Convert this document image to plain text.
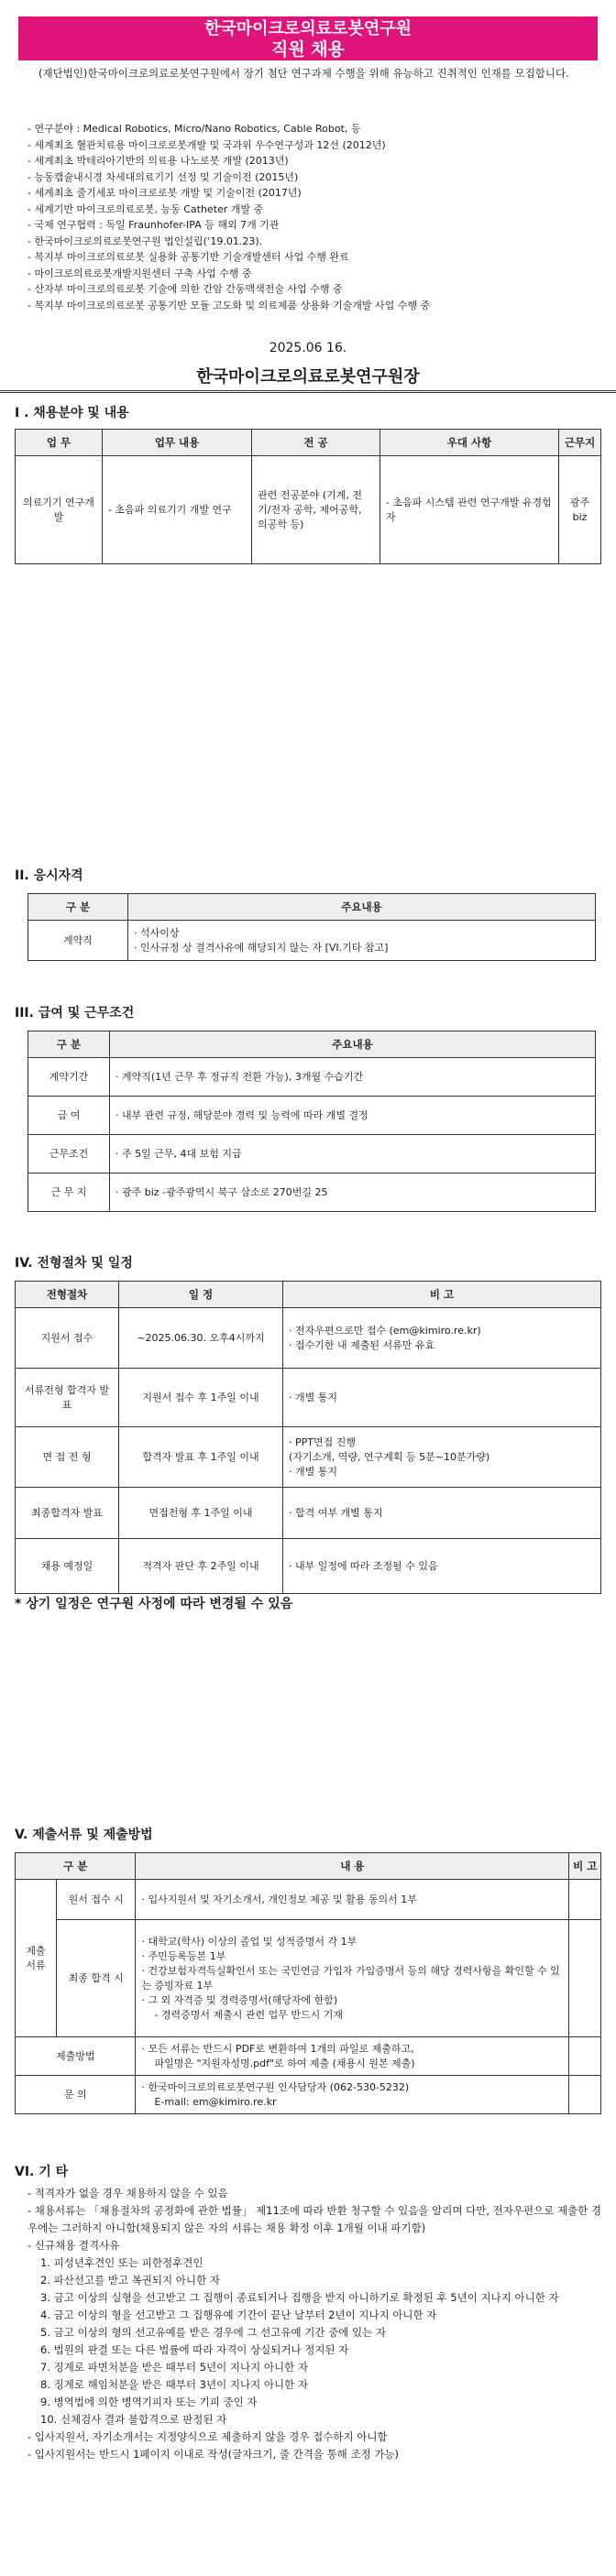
한국마이크로의료로봇연구원
직원 채용

(재단법인)한국마이크로의료로봇연구원에서 장기 첨단 연구과제 수행을 위해 유능하고 진취적인 인재를 모집합니다.

- 연구분야 : Medical Robotics, Micro/Nano Robotics, Cable Robot, 등
- 세계최초 혈관치료용 마이크로로봇개발 및 국과위 우수연구성과 12선 (2012년)
- 세계최초 박테리아기반의 의료용 나노로봇 개발 (2013년)
- 능동캡슐내시경 차세대의료기기 선정 및 기술이전 (2015년)
- 세계최초 줄기세포 마이크로로봇 개발 및 기술이전 (2017년)
- 세계기반 마이크로의료로봇, 능동 Catheter 개발 중
- 국제 연구협력 : 독일 Fraunhofer-IPA 등 해외 7개 기관
- 한국마이크로의료로봇연구원 법인설립(‘19.01.23).
- 복지부 마이크로의료로봇 실용화 공통기반 기술개발센터 사업 수행 완료
- 마이크로의료로봇개발지원센터 구축 사업 수행 중
- 산자부 마이크로의료로봇 기술에 의한 간암 간동맥색전술 사업 수행 중
- 복지부 마이크로의료로봇 공통기반 모듈 고도화 및 의료제품 상용화 기술개발 사업 수행 중
2025.06 16.
한국마이크로의료로봇연구원장
I . 채용분야 및 내용
업 무	업무 내용	전 공	우대 사항	근무지
의료기기 연구개발	- 초음파 의료기기 개발 연구	관련 전공분야 (기계, 전기/전자 공학, 제어공학, 의공학 등)	- 초음파 시스템 관련 연구개발 유경험자	광주 biz
II. 응시자격
구 분	주요내용
계약직	· 석사이상
· 인사규정 상 결격사유에 해당되지 않는 자 [VI.기타 참고]
III. 급여 및 근무조건
구 분	주요내용
계약기간	· 계약직(1년 근무 후 정규직 전환 가능), 3개월 수습기간
급 여	· 내부 관련 규정, 해당분야 경력 및 능력에 따라 개별 결정
근무조건	· 주 5일 근무, 4대 보험 지급
근 무 지	· 광주 biz -광주광역시 북구 삼소로 270번길 25
IV. 전형절차 및 일정
전형절차	일 정	비 고
지원서 접수	~2025.06.30. 오후4시까지	· 전자우편으로만 접수 (em@kimiro.re.kr)
· 접수기한 내 제출된 서류만 유효

서류전형 합격자 발표	지원서 접수 후 1주일 이내	· 개별 통지

면 접 전 형	합격자 발표 후 1주일 이내	· PPT면접 진행
(자기소개, 역량, 연구계획 등 5분~10분가량)
· 개별 통지

최종합격자 발표	면접전형 후 1주일 이내	· 합격 여부 개별 통지

채용 예정일	적격자 판단 후 2주일 이내	· 내부 일정에 따라 조정될 수 있음
* 상기 일정은 연구원 사정에 따라 변경될 수 있음
V. 제출서류 및 제출방법
구 분		내 용	비 고
제출 서류	원서 접수 시	· 입사지원서 및 자기소개서, 개인정보 제공 및 활용 동의서 1부	
	최종 합격 시	· 대학교(학사) 이상의 졸업 및 성적증명서 각 1부
· 주민등록등본 1부
· 건강보험자격득실확인서 또는 국민연금 가입자 가입증명서 등의 해당 경력사항을 확인할 수 있는 증빙자료 1부
· 그 외 자격증 및 경력증명서(해당자에 한함)
- 경력증명서 제출시 관련 업무 반드시 기재

제출방법		· 모든 서류는 반드시 PDF로 변환하여 1개의 파일로 제출하고,
파일명은 "지원자성명.pdf"로 하여 제출 (채용시 원본 제출)

문 의		· 한국마이크로의료로봇연구원 인사담당자 (062-530-5232)
E-mail: em@kimiro.re.kr

VI. 기 타
- 적격자가 없을 경우 채용하지 않을 수 있음
- 채용서류는 「채용절차의 공정화에 관한 법률」 제11조에 따라 반환 청구할 수 있음을 알리며 다만, 전자우편으로 제출한 경우에는 그러하지 아니함(채용되지 않은 자의 서류는 채용 확정 이후 1개월 이내 파기함)
- 신규채용 결격사유
1. 피성년후견인 또는 피한정후견인
2. 파산선고를 받고 복권되지 아니한 자
3. 금고 이상의 실형을 선고받고 그 집행이 종료되거나 집행을 받지 아니하기로 확정된 후 5년이 지나지 아니한 자
4. 금고 이상의 형을 선고받고 그 집행유예 기간이 끝난 날부터 2년이 지나지 아니한 자
5. 금고 이상의 형의 선고유예를 받은 경우에 그 선고유예 기간 중에 있는 자
6. 법원의 판결 또는 다른 법률에 따라 자격이 상실되거나 정지된 자
7. 징계로 파면처분을 받은 때부터 5년이 지나지 아니한 자
8. 징계로 해임처분을 받은 때부터 3년이 지나지 아니한 자
9. 병역법에 의한 병역기피자 또는 기피 중인 자
10. 신체검사 결과 불합격으로 판정된 자
- 입사지원서, 자기소개서는 지정양식으로 제출하지 않을 경우 접수하지 아니함
- 입사지원서는 반드시 1페이지 이내로 작성(글자크기, 줄 간격을 통해 조정 가능)
